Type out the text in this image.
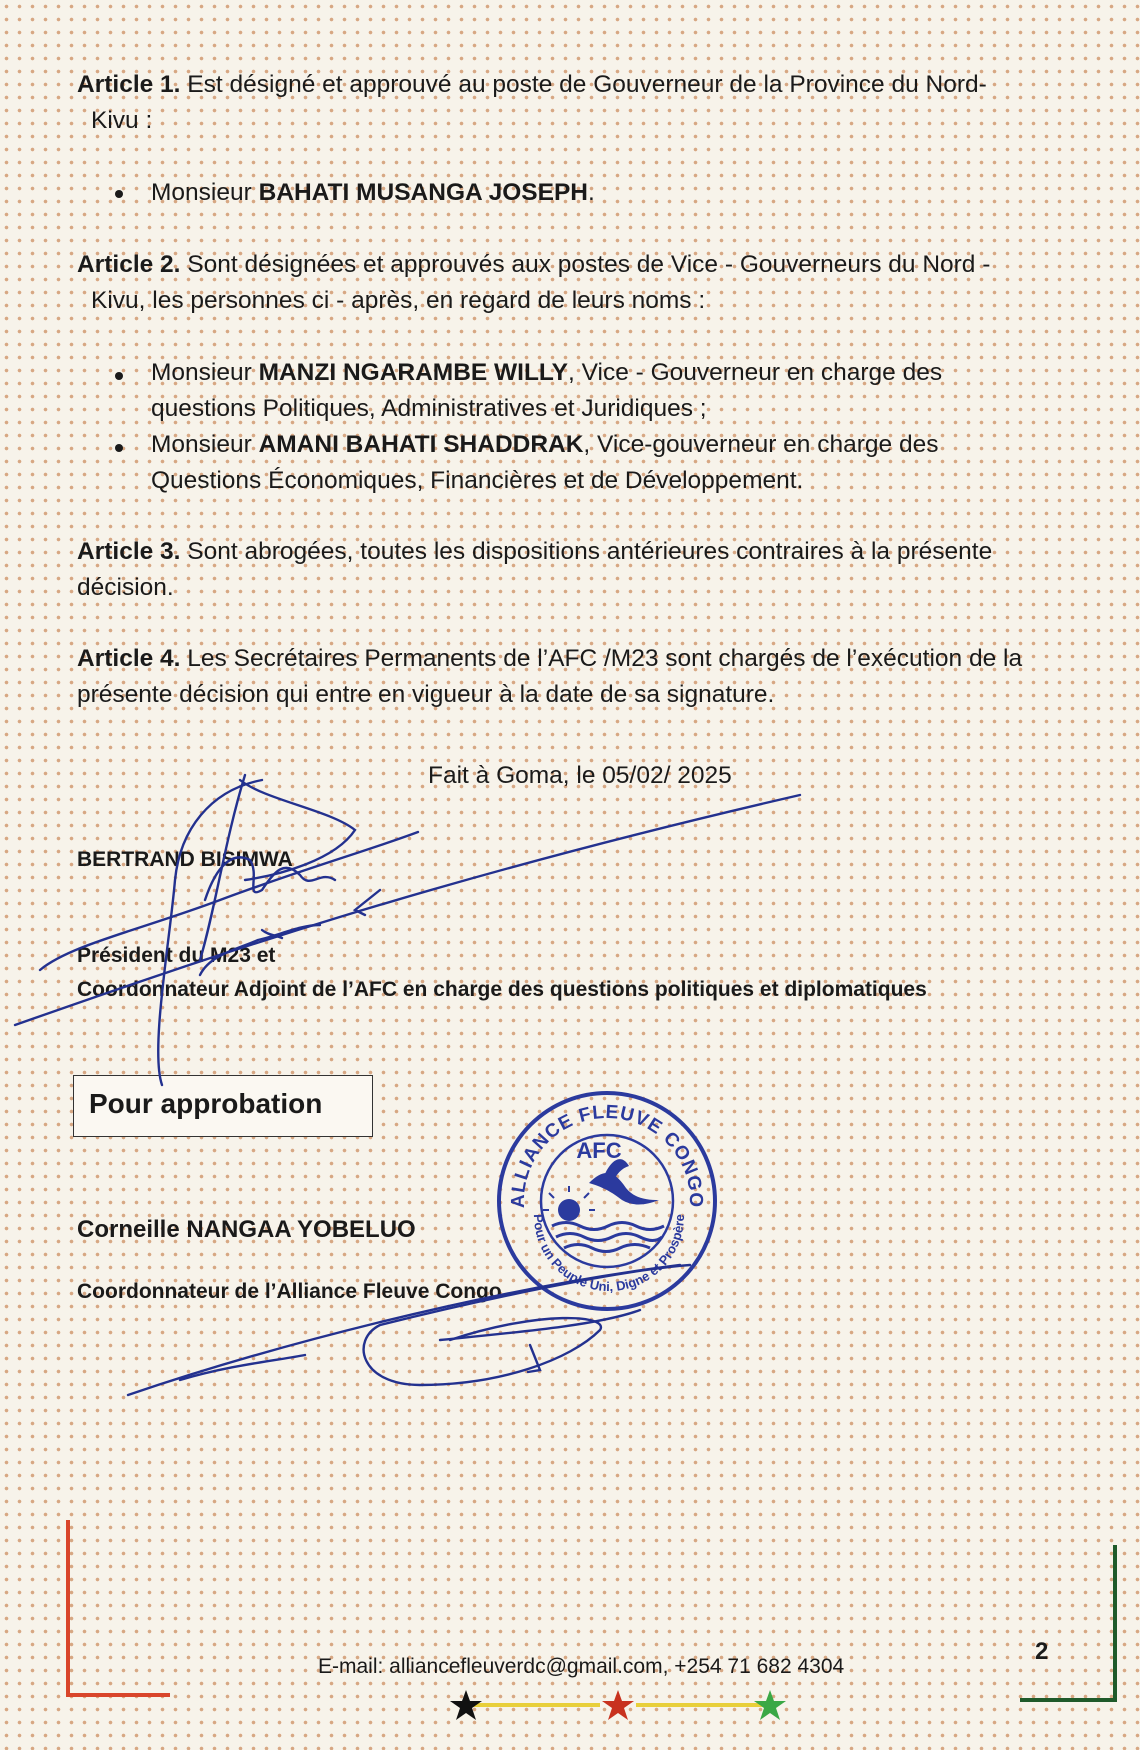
Article 1. Est désigné et approuvé au poste de Gouverneur de la Province du Nord-
Kivu :
Monsieur BAHATI MUSANGA JOSEPH.
Article 2. Sont désignées et approuvés aux postes de Vice - Gouverneurs du Nord -
Kivu, les personnes ci - après, en regard de leurs noms :
Monsieur MANZI NGARAMBE WILLY, Vice - Gouverneur en charge des
questions Politiques, Administratives et Juridiques ;
Monsieur AMANI BAHATI SHADDRAK, Vice-gouverneur en charge des
Questions Économiques, Financières et de Développement.
Article 3. Sont abrogées, toutes les dispositions antérieures contraires à la présente
décision.
Article 4. Les Secrétaires Permanents de l’AFC /M23 sont chargés de l’exécution de la
présente décision qui entre en vigueur à la date de sa signature.
Fait à Goma, le 05/02/ 2025
BERTRAND BISIMWA
Président du M23 et
Coordonnateur Adjoint de l’AFC en charge des questions politiques et diplomatiques
Pour approbation
Corneille NANGAA YOBELUO
Coordonnateur de l’Alliance Fleuve Congo
ALLIANCE FLEUVE CONGO
Pour un Peuple Uni, Digne et Prospère
AFC
E-mail: alliancefleuverdc@gmail.com, +254 71 682 4304
2
